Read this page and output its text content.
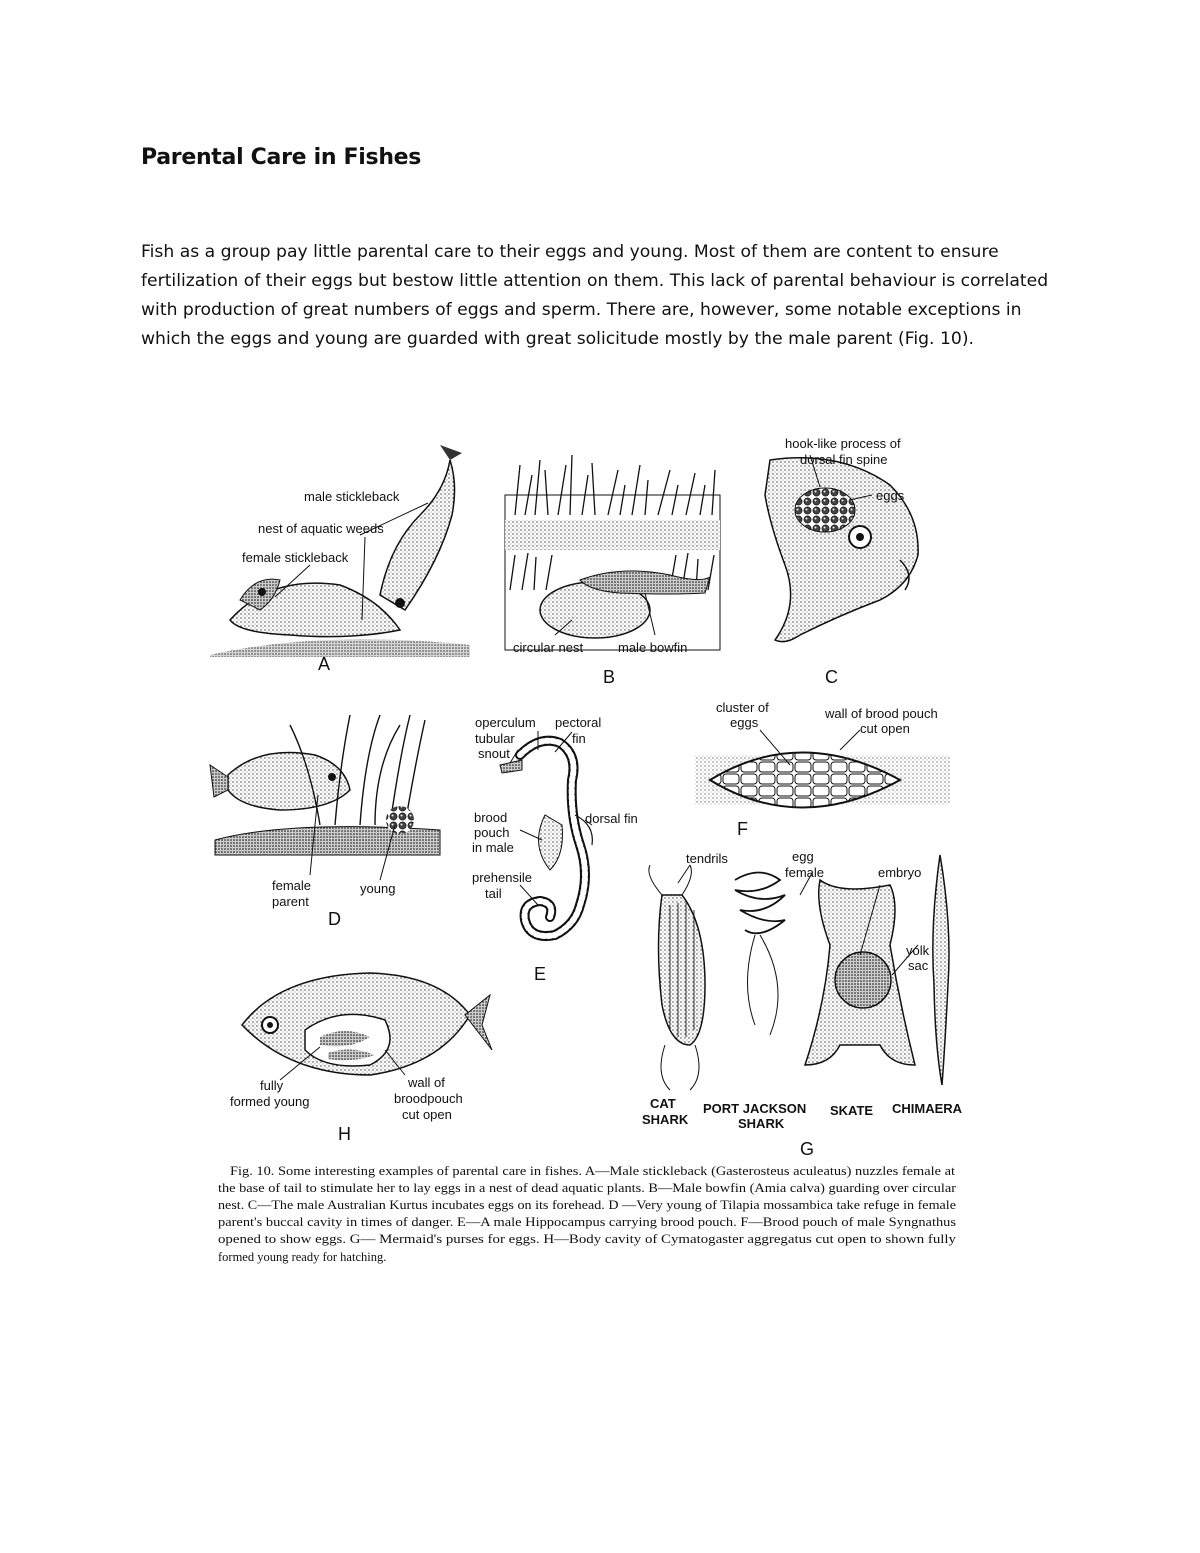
Parental Care in Fishes

Fish as a group pay little parental care to their eggs and young. Most of them are content to ensure

fertilization of their eggs but bestow little attention on them. This lack of parental behaviour is correlated

with production of great numbers of eggs and sperm. There are, however, some notable exceptions in

which the eggs and young are guarded with great solicitude mostly by the male parent (Fig. 10).

male stickleback
nest of aquatic weeds
female stickleback
A
circular nest	male bowfin
B
hook-like process of
dorsal fin spine
eggs
C
female
parent
young
D
operculum pectoral
fin
tubular
snout
brood
pouch
in male
dorsal fin
prehensile
tail
E
cluster of
eggs
wall of brood pouch
cut open
F
tendrils	egg
female	embryo
yolk
sac
CAT
SHARK
PORT JACKSON
SHARK
SKATE CHIMAERA
G
fully
formed young
wall of
broodpouch
cut open
H
Fig. 10. Some interesting examples of parental care in fishes. A—Male stickleback (Gasterosteus aculeatus) nuzzles female at
the base of tail to stimulate her to lay eggs in a nest of dead aquatic plants. B—Male bowfin (Amia calva) guarding over circular
nest. C—The male Australian Kurtus incubates eggs on its forehead. D —Very young of Tilapia mossambica take refuge in female
parent's buccal cavity in times of danger. E—A male Hippocampus carrying brood pouch. F—Brood pouch of male Syngnathus
opened to show eggs. G— Mermaid's purses for eggs. H—Body cavity of Cymatogaster aggregatus cut open to shown fully
formed young ready for hatching.
